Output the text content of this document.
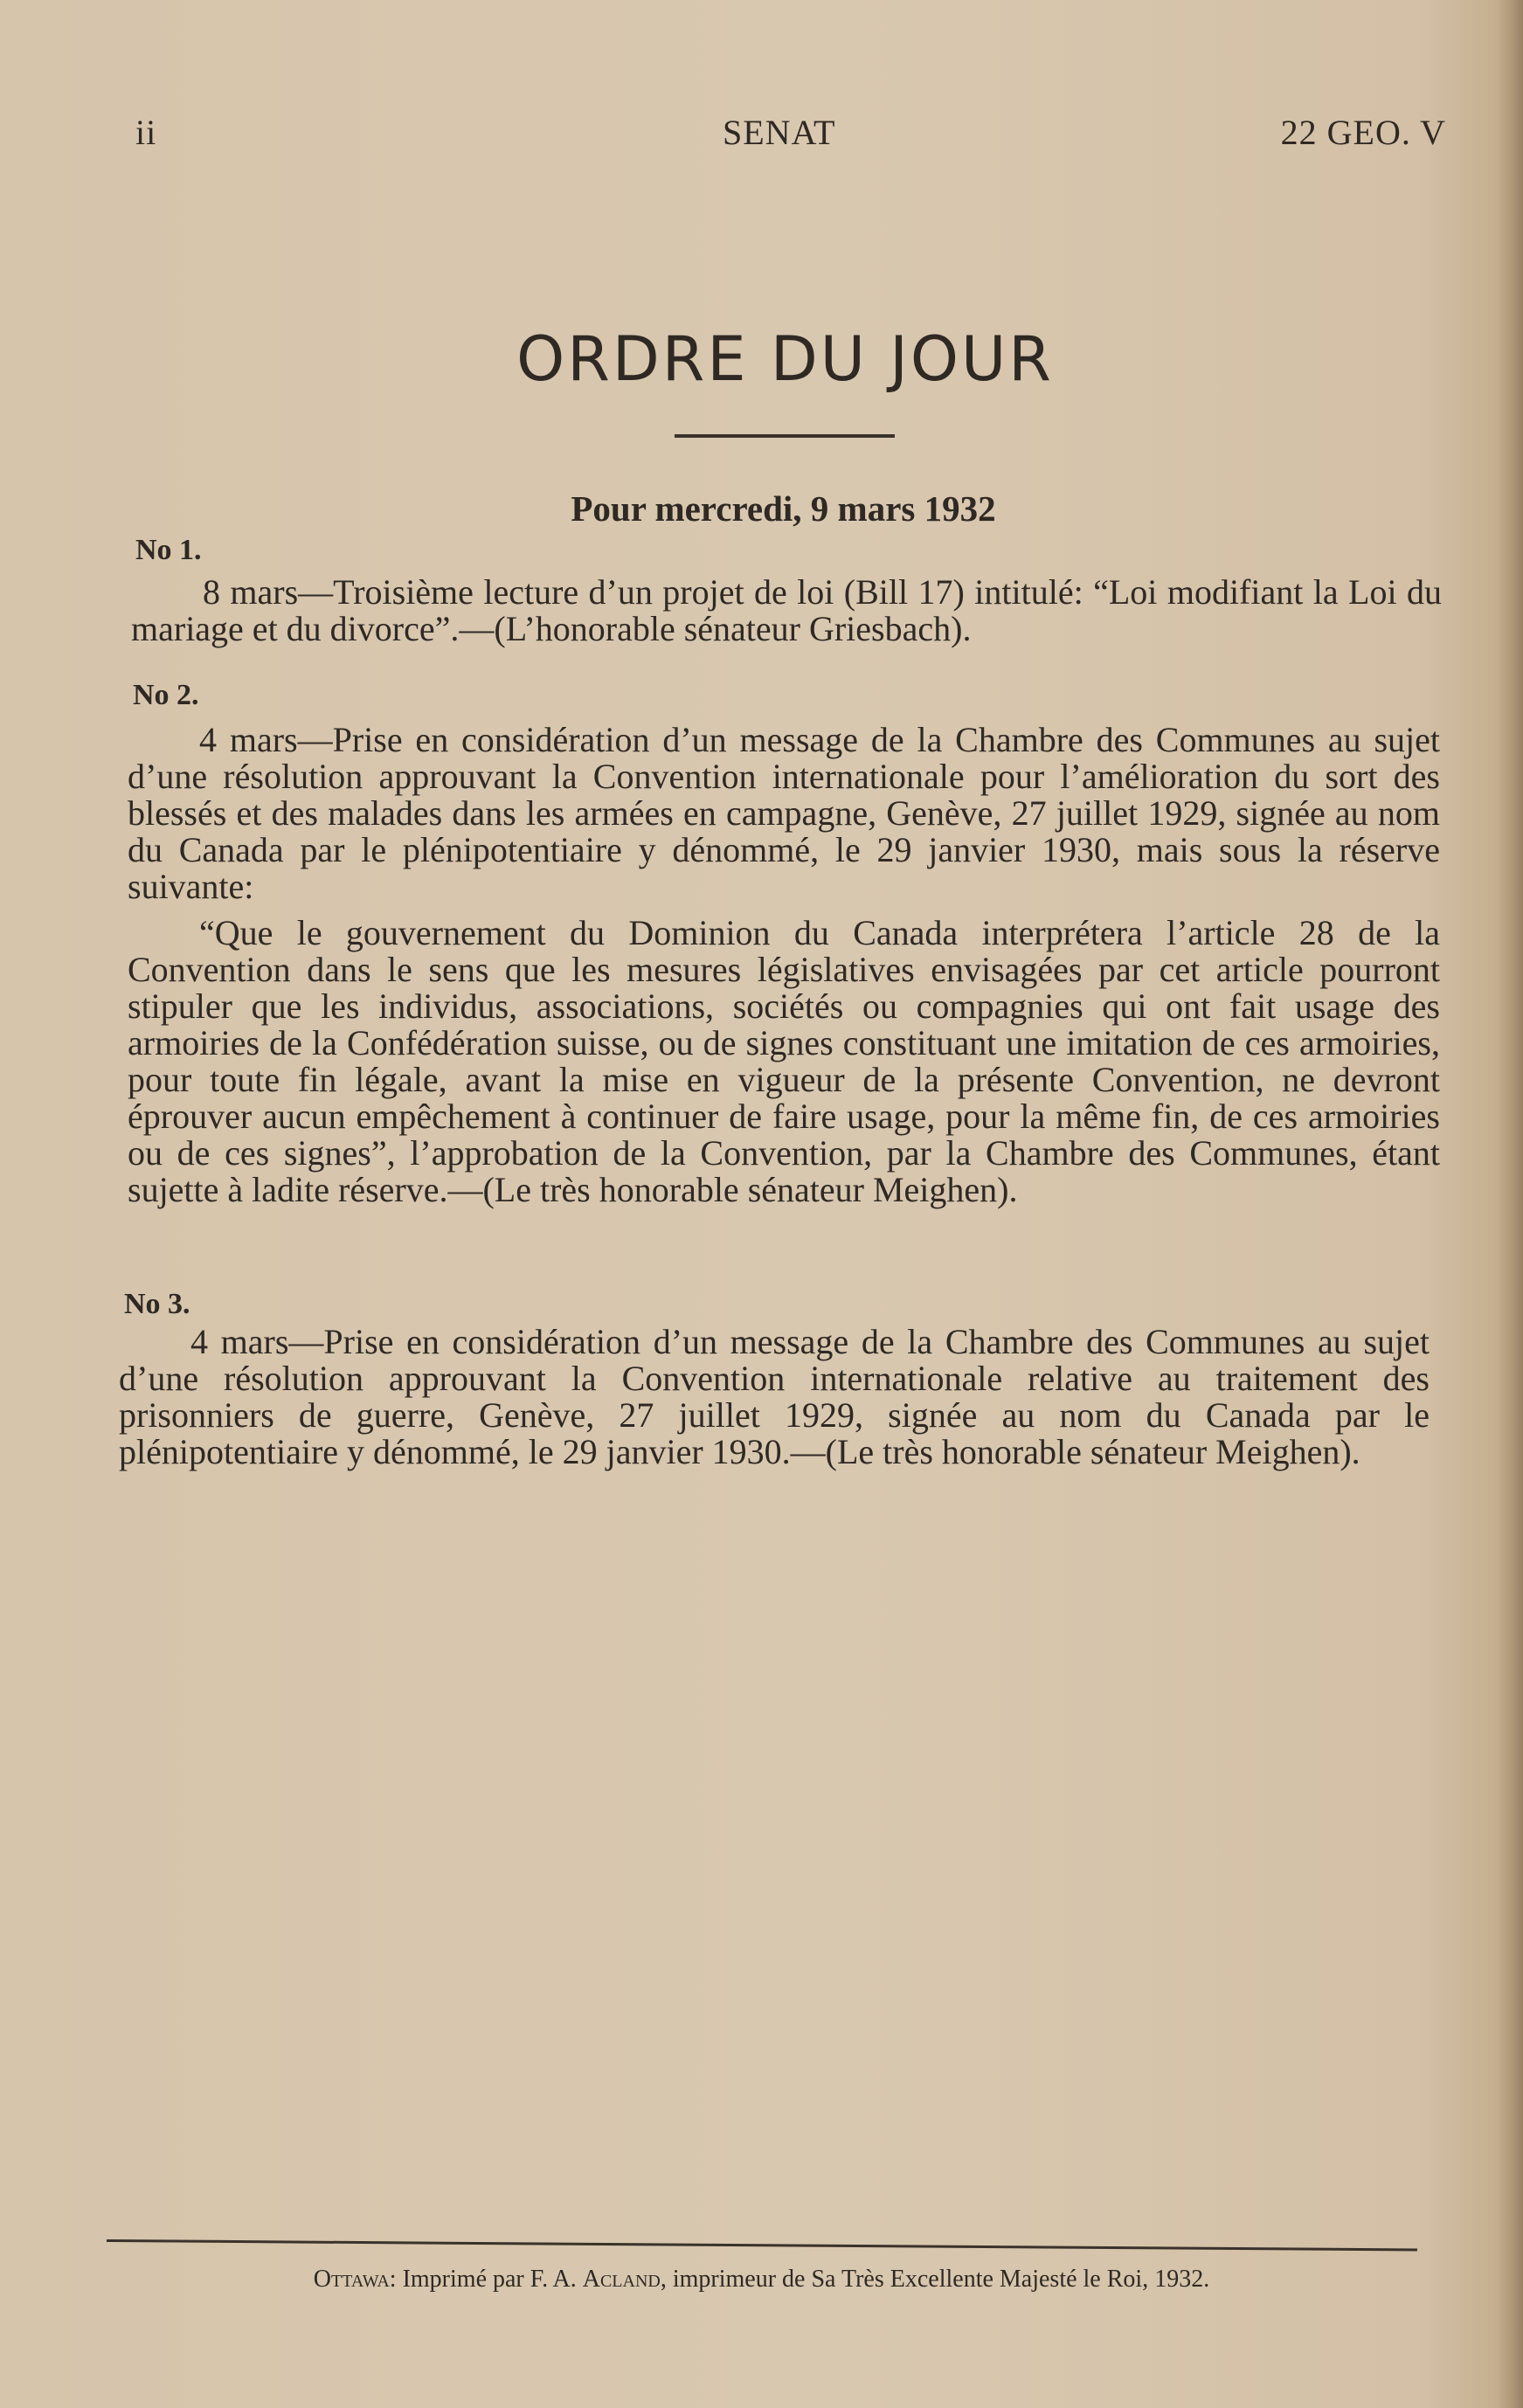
ii	SENAT	22 GEO. V
ORDRE DU JOUR
Pour mercredi, 9 mars 1932
No 1.
8 mars—Troisième lecture d’un projet de loi (Bill 17) intitulé: “Loi modifiant la Loi du mariage et du divorce”.—(L’honorable sénateur Griesbach).
No 2.
4 mars—Prise en considération d’un message de la Chambre des Communes au sujet d’une résolution approuvant la Convention internationale pour l’amélioration du sort des blessés et des malades dans les armées en campagne, Genève, 27 juillet 1929, signée au nom du Canada par le plénipotentiaire y dénommé, le 29 janvier 1930, mais sous la réserve suivante:
“Que le gouvernement du Dominion du Canada interprétera l’article 28 de la Convention dans le sens que les mesures législatives envisagées par cet article pourront stipuler que les individus, associations, sociétés ou compagnies qui ont fait usage des armoiries de la Confédération suisse, ou de signes constituant une imitation de ces armoiries, pour toute fin légale, avant la mise en vigueur de la présente Convention, ne devront éprouver aucun empêchement à continuer de faire usage, pour la même fin, de ces armoiries ou de ces signes”, l’approbation de la Convention, par la Chambre des Communes, étant sujette à ladite réserve.—(Le très honorable sénateur Meighen).
No 3.
4 mars—Prise en considération d’un message de la Chambre des Communes au sujet d’une résolution approuvant la Convention internationale relative au traitement des prisonniers de guerre, Genève, 27 juillet 1929, signée au nom du Canada par le plénipotentiaire y dénommé, le 29 janvier 1930.—(Le très honorable sénateur Meighen).
Ottawa: Imprimé par F. A. Acland, imprimeur de Sa Très Excellente Majesté le Roi, 1932.
